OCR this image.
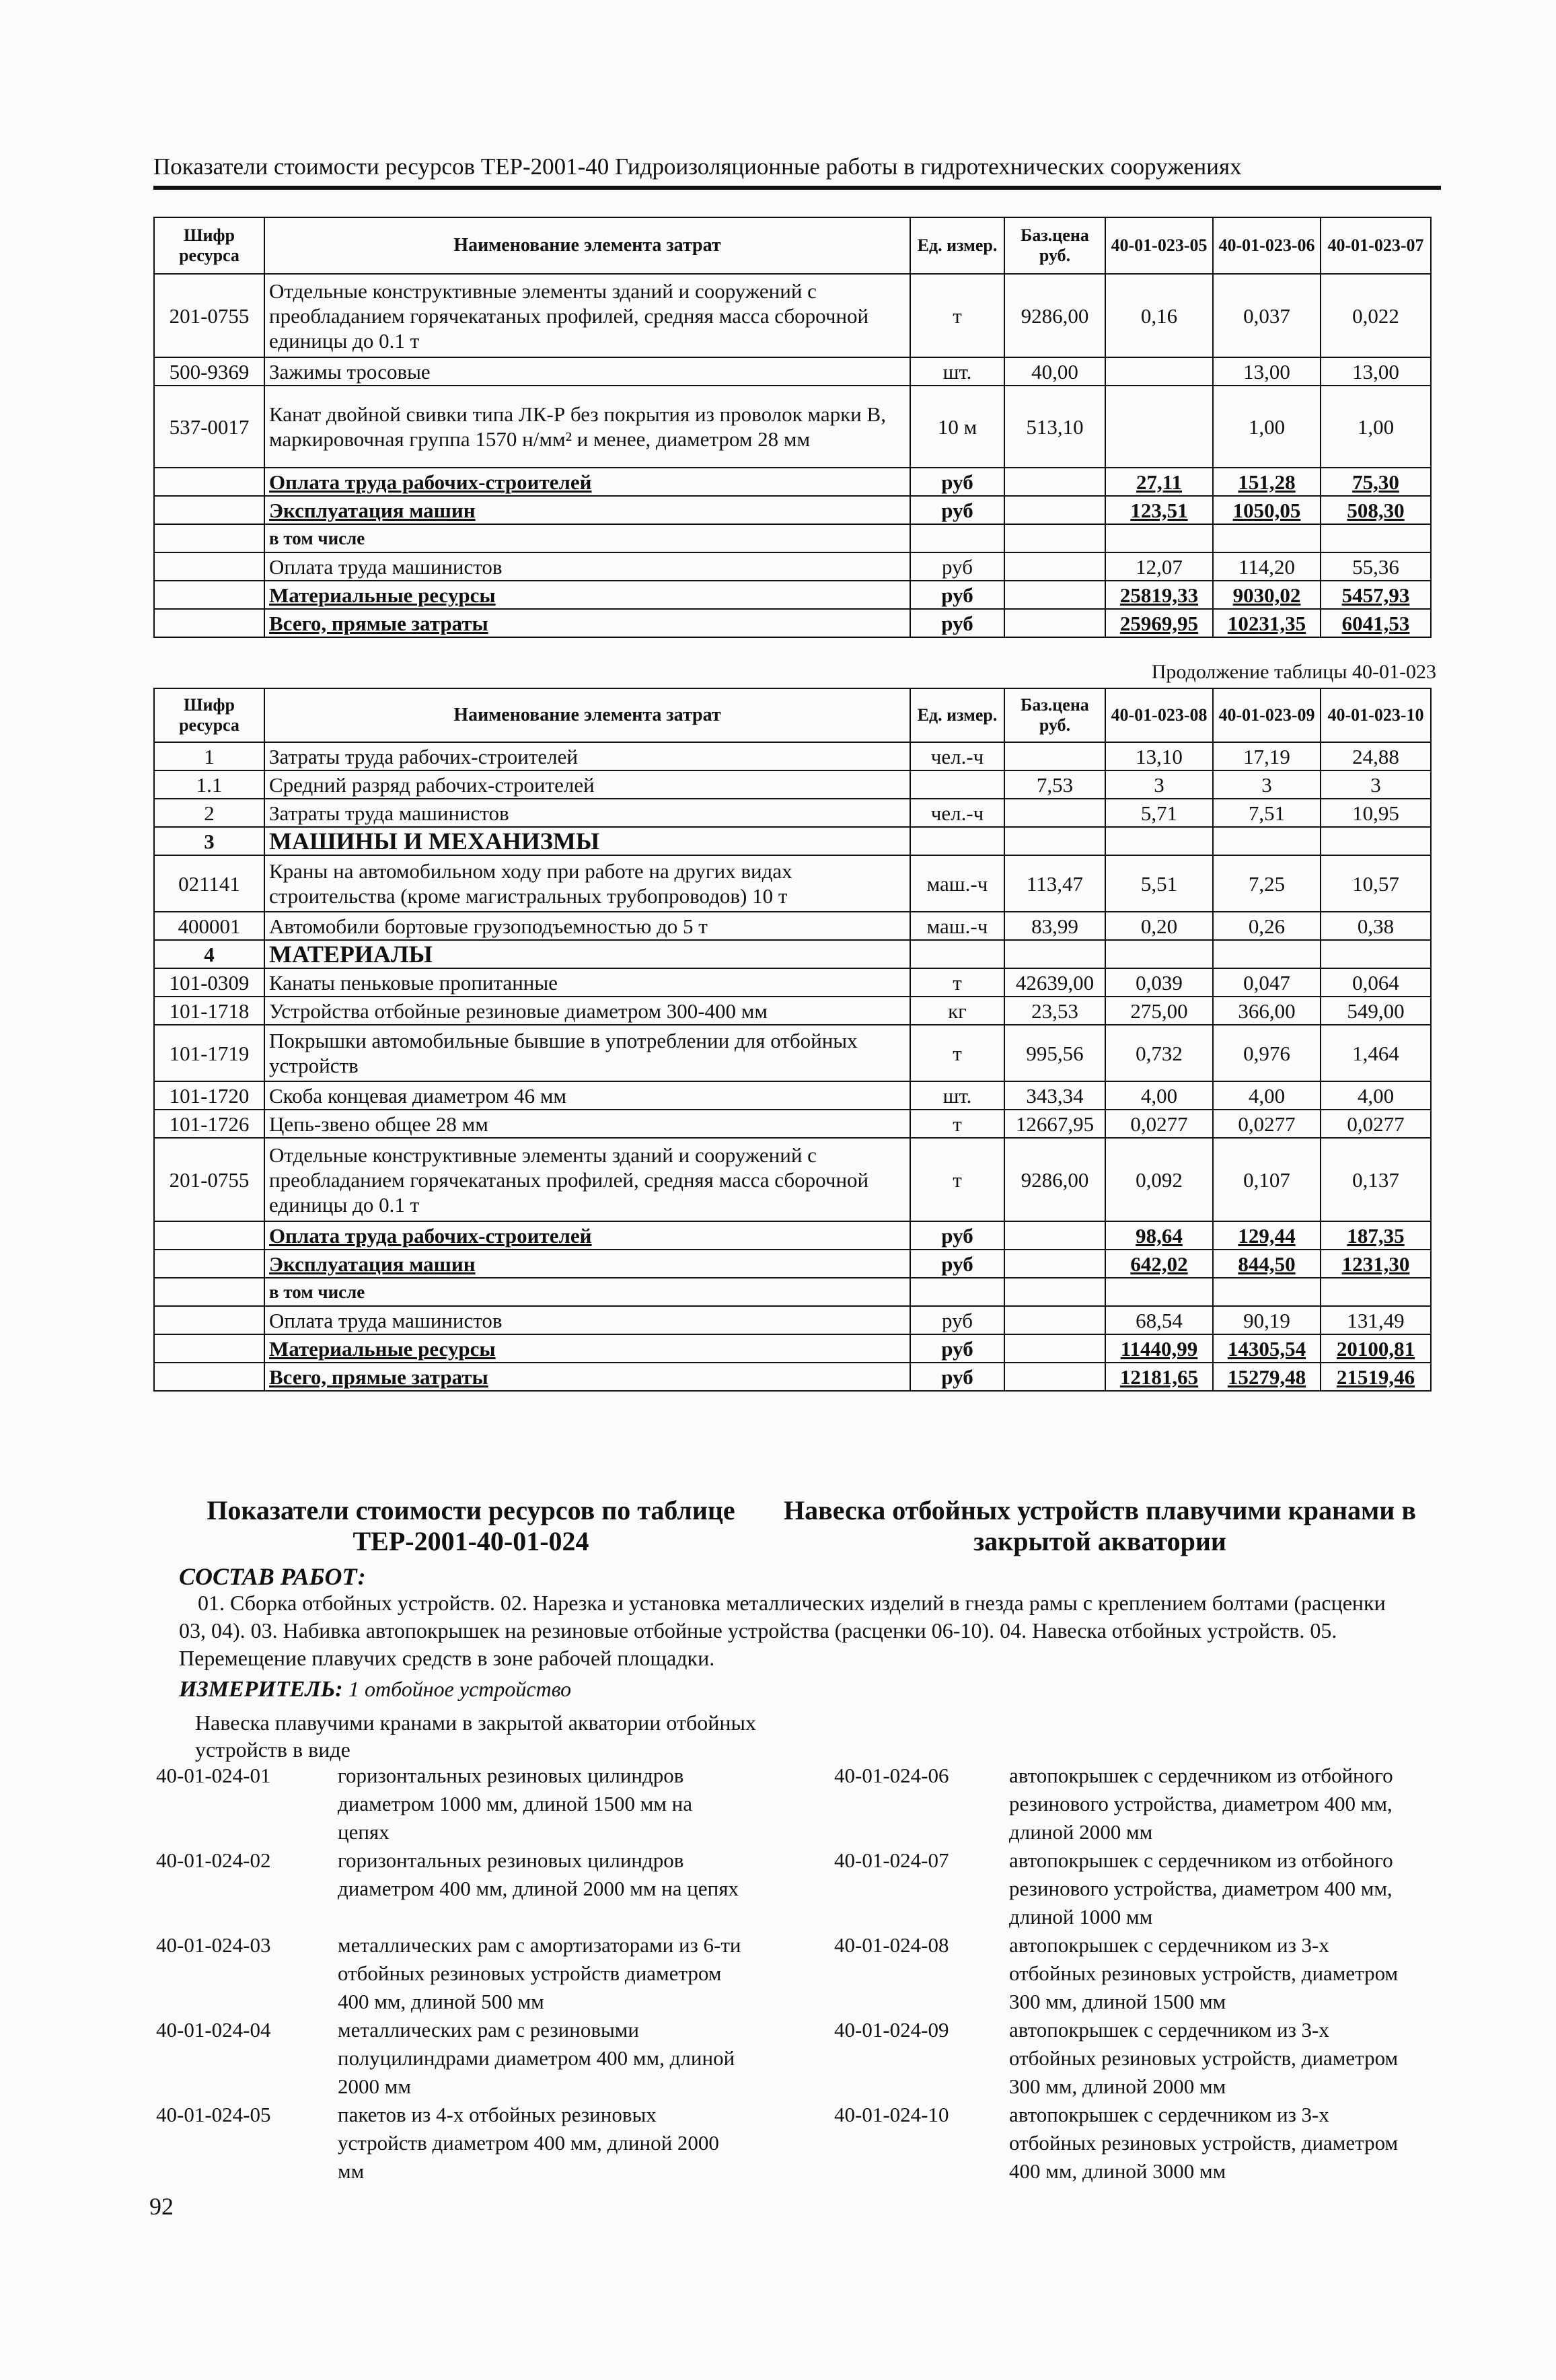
Показатели стоимости ресурсов ТЕР-2001-40 Гидроизоляционные работы в гидротехнических сооружениях
Шифр ресурса	Наименование элемента затрат	Ед. измер.	Баз.цена руб.	40-01-023-05	40-01-023-06	40-01-023-07
201-0755	Отдельные конструктивные элементы зданий и сооружений с преобладанием горячекатаных профилей, средняя масса сборочной единицы до 0.1 т	т	9286,00	0,16	0,037	0,022
500-9369	Зажимы тросовые	шт.	40,00		13,00	13,00
537-0017	Канат двойной свивки типа ЛК-Р без покрытия из проволок марки В, маркировочная группа 1570 н/мм² и менее, диаметром 28 мм	10 м	513,10		1,00	1,00
	Оплата труда рабочих-строителей	руб		27,11	151,28	75,30
	Эксплуатация машин	руб		123,51	1050,05	508,30
	в том числе					
	Оплата труда машинистов	руб		12,07	114,20	55,36
	Материальные ресурсы	руб		25819,33	9030,02	5457,93
	Всего, прямые затраты	руб		25969,95	10231,35	6041,53
Продолжение таблицы 40-01-023
Шифр ресурса	Наименование элемента затрат	Ед. измер.	Баз.цена руб.	40-01-023-08	40-01-023-09	40-01-023-10
1	Затраты труда рабочих-строителей	чел.-ч		13,10	17,19	24,88
1.1	Средний разряд рабочих-строителей		7,53	3	3	3
2	Затраты труда машинистов	чел.-ч		5,71	7,51	10,95
3	МАШИНЫ И МЕХАНИЗМЫ					
021141	Краны на автомобильном ходу при работе на других видах строительства (кроме магистральных трубопроводов) 10 т	маш.-ч	113,47	5,51	7,25	10,57
400001	Автомобили бортовые грузоподъемностью до 5 т	маш.-ч	83,99	0,20	0,26	0,38
4	МАТЕРИАЛЫ					
101-0309	Канаты пеньковые пропитанные	т	42639,00	0,039	0,047	0,064
101-1718	Устройства отбойные резиновые диаметром 300-400 мм	кг	23,53	275,00	366,00	549,00
101-1719	Покрышки автомобильные бывшие в употреблении для отбойных устройств	т	995,56	0,732	0,976	1,464
101-1720	Скоба концевая диаметром 46 мм	шт.	343,34	4,00	4,00	4,00
101-1726	Цепь-звено общее 28 мм	т	12667,95	0,0277	0,0277	0,0277
201-0755	Отдельные конструктивные элементы зданий и сооружений с преобладанием горячекатаных профилей, средняя масса сборочной единицы до 0.1 т	т	9286,00	0,092	0,107	0,137
	Оплата труда рабочих-строителей	руб		98,64	129,44	187,35
	Эксплуатация машин	руб		642,02	844,50	1231,30
	в том числе					
	Оплата труда машинистов	руб		68,54	90,19	131,49
	Материальные ресурсы	руб		11440,99	14305,54	20100,81
	Всего, прямые затраты	руб		12181,65	15279,48	21519,46
Показатели стоимости ресурсов по таблице ТЕР-2001-40-01-024
Навеска отбойных устройств плавучими кранами в закрытой акватории
СОСТАВ РАБОТ:
01. Сборка отбойных устройств. 02. Нарезка и установка металлических изделий в гнезда рамы с креплением болтами (расценки 03, 04). 03. Набивка автопокрышек на резиновые отбойные устройства (расценки 06-10). 04. Навеска отбойных устройств. 05. Перемещение плавучих средств в зоне рабочей площадки.
ИЗМЕРИТЕЛЬ: 1 отбойное устройство
Навеска плавучими кранами в закрытой акватории отбойных устройств в виде
40-01-024-01	горизонтальных резиновых цилиндров диаметром 1000 мм, длиной 1500 мм на цепях
40-01-024-02	горизонтальных резиновых цилиндров диаметром 400 мм, длиной 2000 мм на цепях
40-01-024-03	металлических рам с амортизаторами из 6-ти отбойных резиновых устройств диаметром 400 мм, длиной 500 мм
40-01-024-04	металлических рам с резиновыми полуцилиндрами диаметром 400 мм, длиной 2000 мм
40-01-024-05	пакетов из 4-х отбойных резиновых устройств диаметром 400 мм, длиной 2000 мм
40-01-024-06	автопокрышек с сердечником из отбойного резинового устройства, диаметром 400 мм, длиной 2000 мм
40-01-024-07	автопокрышек с сердечником из отбойного резинового устройства, диаметром 400 мм, длиной 1000 мм
40-01-024-08	автопокрышек с сердечником из 3-х отбойных резиновых устройств, диаметром 300 мм, длиной 1500 мм
40-01-024-09	автопокрышек с сердечником из 3-х отбойных резиновых устройств, диаметром 300 мм, длиной 2000 мм
40-01-024-10	автопокрышек с сердечником из 3-х отбойных резиновых устройств, диаметром 400 мм, длиной 3000 мм
92
